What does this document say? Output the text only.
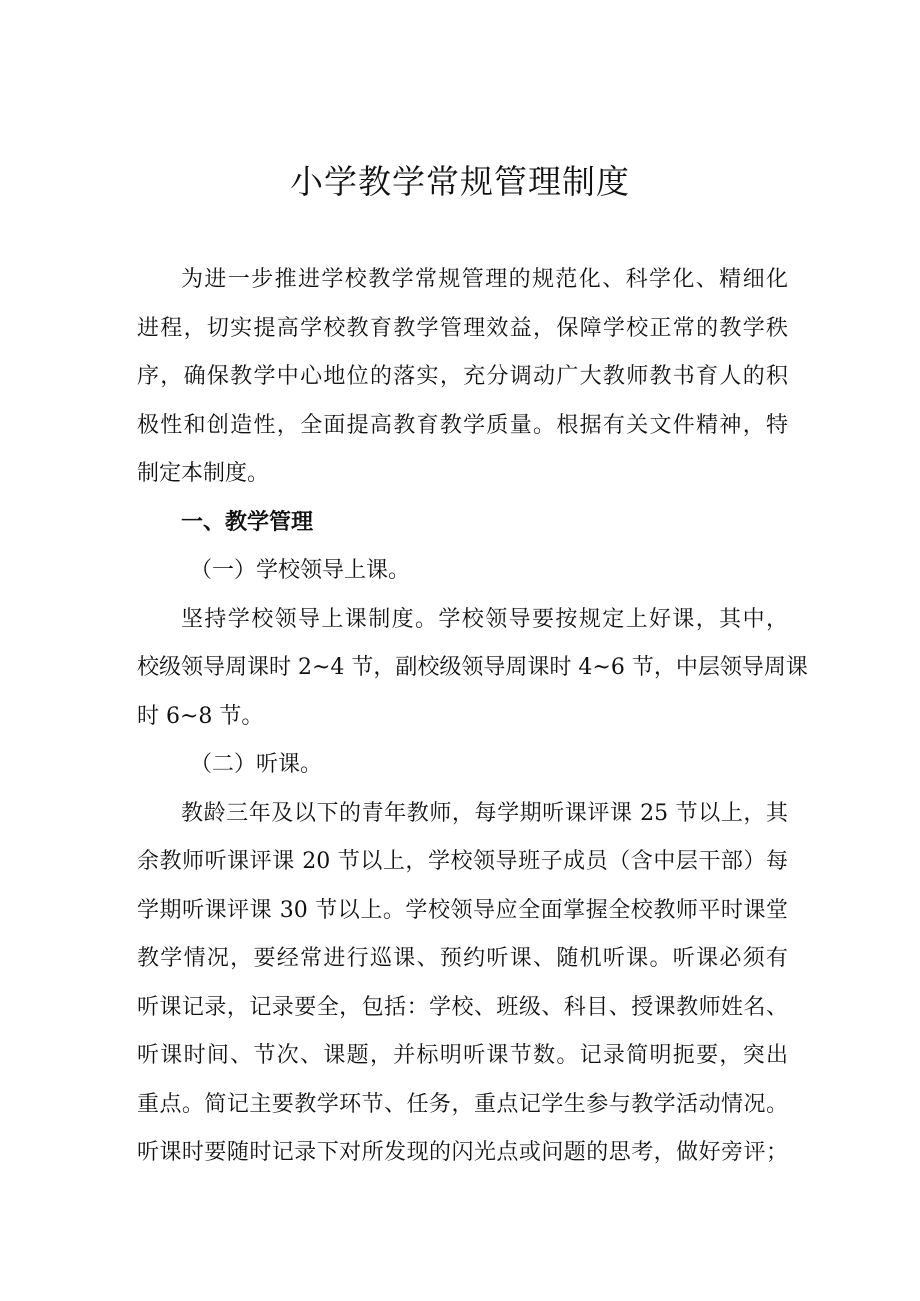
小学教学常规管理制度

为进一步推进学校教学常规管理的规范化、科学化、精细化

进程，切实提高学校教育教学管理效益，保障学校正常的教学秩

序，确保教学中心地位的落实，充分调动广大教师教书育人的积

极性和创造性，全面提高教育教学质量。根据有关文件精神，特

制定本制度。

一、教学管理

（一）学校领导上课。

坚持学校领导上课制度。学校领导要按规定上好课，其中，

校级领导周课时 2~4 节，副校级领导周课时 4~6 节，中层领导周课

时 6~8 节。

（二）听课。

教龄三年及以下的青年教师，每学期听课评课 25 节以上，其

余教师听课评课 20 节以上，学校领导班子成员（含中层干部）每

学期听课评课 30 节以上。学校领导应全面掌握全校教师平时课堂

教学情况，要经常进行巡课、预约听课、随机听课。听课必须有

听课记录，记录要全，包括：学校、班级、科目、授课教师姓名、

听课时间、节次、课题，并标明听课节数。记录简明扼要，突出

重点。简记主要教学环节、任务，重点记学生参与教学活动情况。

听课时要随时记录下对所发现的闪光点或问题的思考，做好旁评；
